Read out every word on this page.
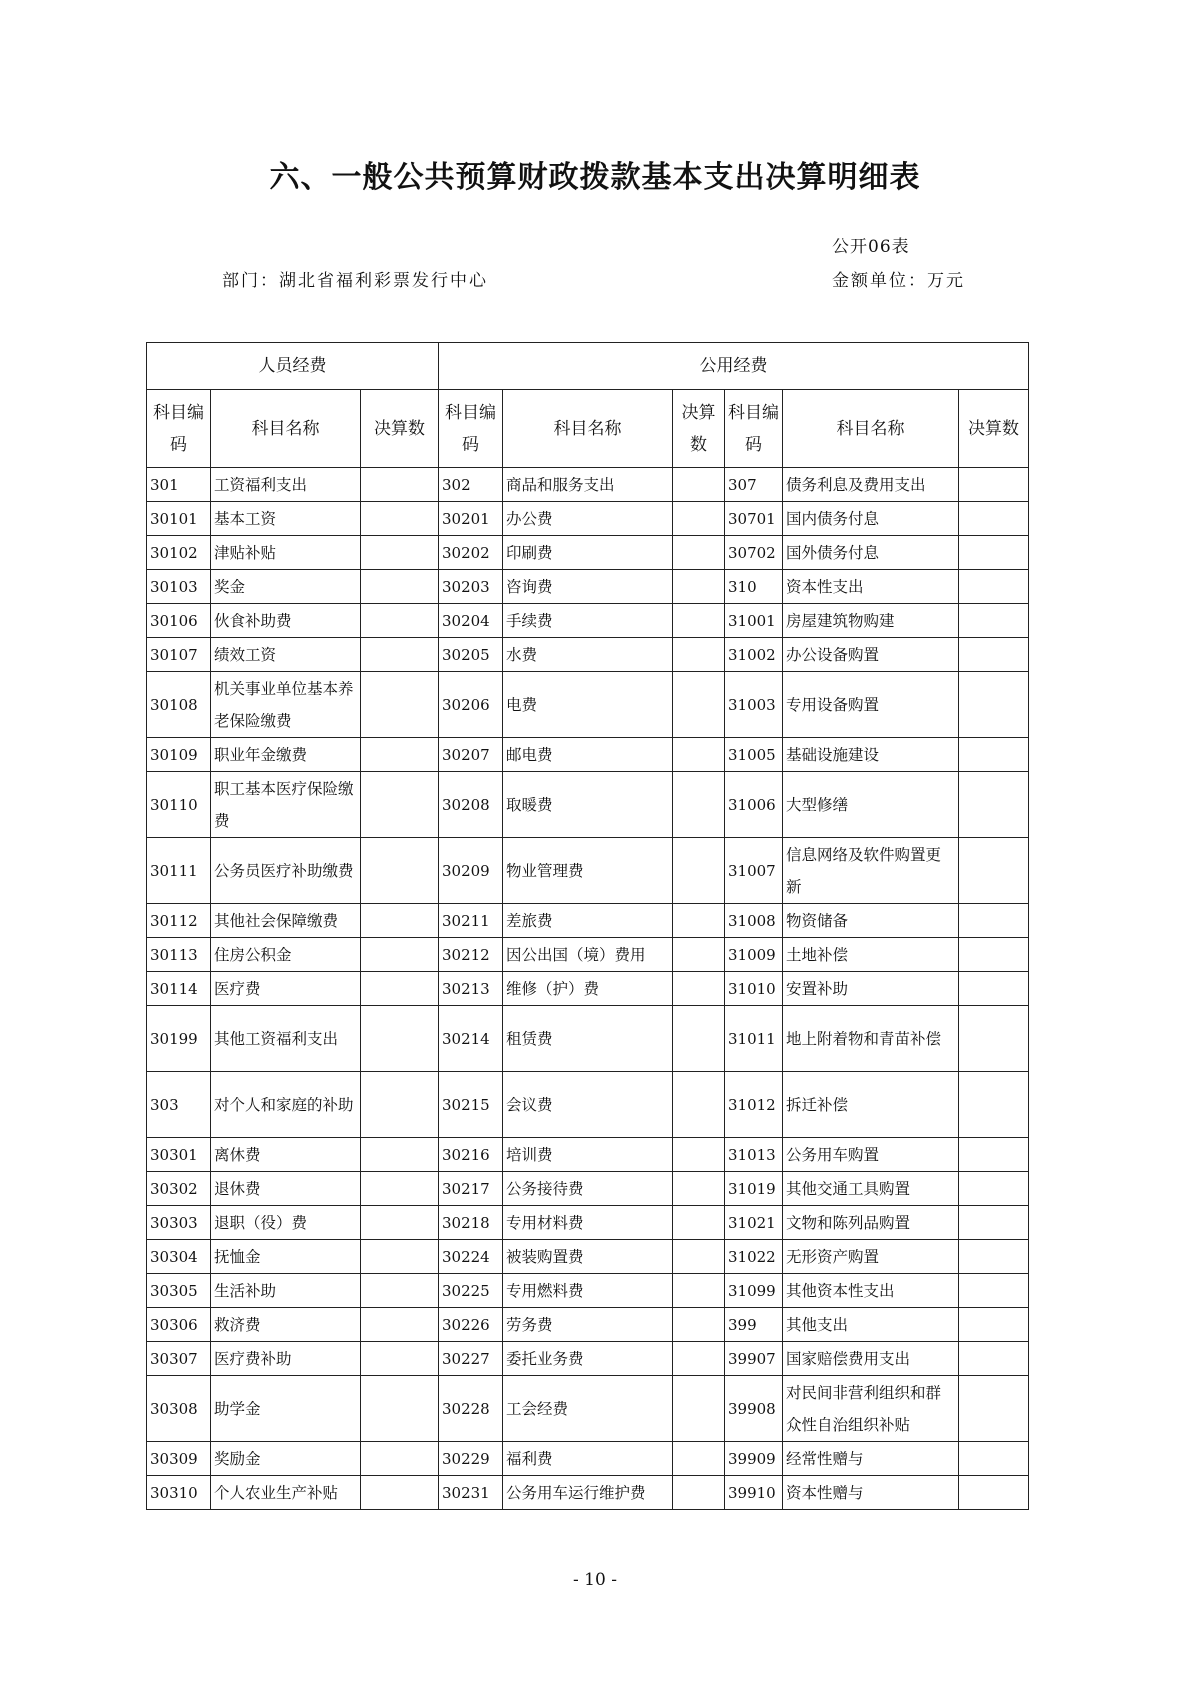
六、一般公共预算财政拨款基本支出决算明细表
公开06表
部门：湖北省福利彩票发行中心	金额单位：万元
人员经费			公用经费					
科目编码	科目名称	决算数	科目编码	科目名称	决算数	科目编码	科目名称	决算数
301	工资福利支出		302	商品和服务支出		307	债务利息及费用支出	
30101	基本工资		30201	办公费		30701	国内债务付息	
30102	津贴补贴		30202	印刷费		30702	国外债务付息	
30103	奖金		30203	咨询费		310	资本性支出	
30106	伙食补助费		30204	手续费		31001	房屋建筑物购建	
30107	绩效工资		30205	水费		31002	办公设备购置	
30108	机关事业单位基本养老保险缴费		30206	电费		31003	专用设备购置	
30109	职业年金缴费		30207	邮电费		31005	基础设施建设	
30110	职工基本医疗保险缴费		30208	取暖费		31006	大型修缮	
30111	公务员医疗补助缴费		30209	物业管理费		31007	信息网络及软件购置更新	
30112	其他社会保障缴费		30211	差旅费		31008	物资储备	
30113	住房公积金		30212	因公出国（境）费用		31009	土地补偿	
30114	医疗费		30213	维修（护）费		31010	安置补助	
30199	其他工资福利支出		30214	租赁费		31011	地上附着物和青苗补偿	
303	对个人和家庭的补助		30215	会议费		31012	拆迁补偿	
30301	离休费		30216	培训费		31013	公务用车购置	
30302	退休费		30217	公务接待费		31019	其他交通工具购置	
30303	退职（役）费		30218	专用材料费		31021	文物和陈列品购置	
30304	抚恤金		30224	被装购置费		31022	无形资产购置	
30305	生活补助		30225	专用燃料费		31099	其他资本性支出	
30306	救济费		30226	劳务费		399	其他支出	
30307	医疗费补助		30227	委托业务费		39907	国家赔偿费用支出	
30308	助学金		30228	工会经费		39908	对民间非营利组织和群众性自治组织补贴	
30309	奖励金		30229	福利费		39909	经常性赠与	
30310	个人农业生产补贴		30231	公务用车运行维护费		39910	资本性赠与	
- 10 -
